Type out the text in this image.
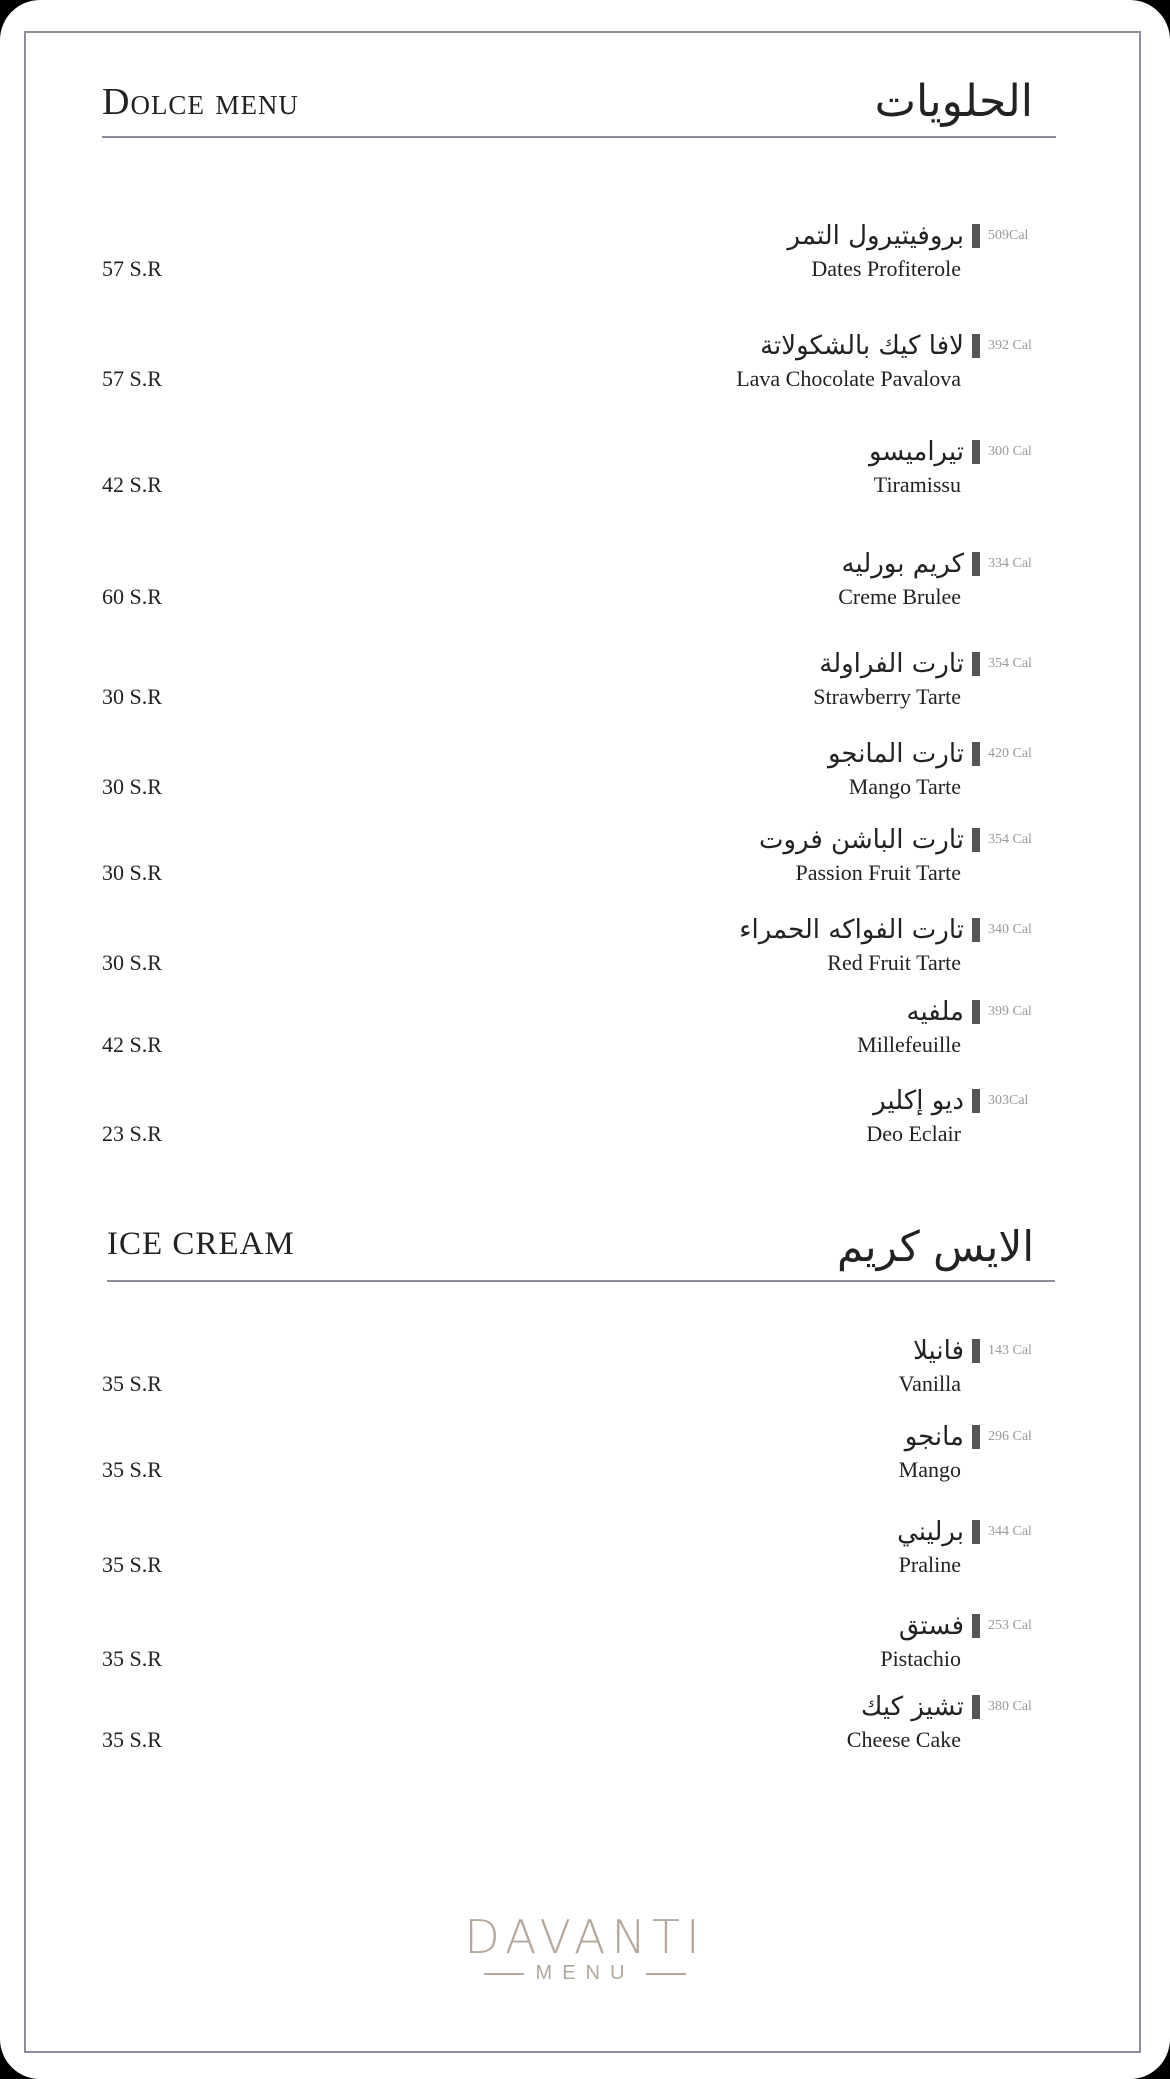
Dolce menu	الحلويات
بروفيتيرول التمر 509Cal
Dates Profiterole
57 S.R
لافا كيك بالشكولاتة 392 Cal
Lava Chocolate Pavalova
57 S.R
تيراميسو 300 Cal
Tiramissu
42 S.R
كريم بورليه 334 Cal
Creme Brulee
60 S.R
تارت الفراولة 354 Cal
Strawberry Tarte
30 S.R
تارت المانجو 420 Cal
Mango Tarte
30 S.R
تارت الباشن فروت 354 Cal
Passion Fruit Tarte
30 S.R
تارت الفواكه الحمراء 340 Cal
Red Fruit Tarte
30 S.R
ملفيه 399 Cal
Millefeuille
42 S.R
ديو إكلير 303Cal
Deo Eclair
23 S.R
ICE CREAM	الايس كريم
فانيلا 143 Cal
Vanilla
35 S.R
مانجو 296 Cal
Mango
35 S.R
برليني 344 Cal
Praline
35 S.R
فستق 253 Cal
Pistachio
35 S.R
تشيز كيك 380 Cal
Cheese Cake
35 S.R
DAVANTI
MENU
